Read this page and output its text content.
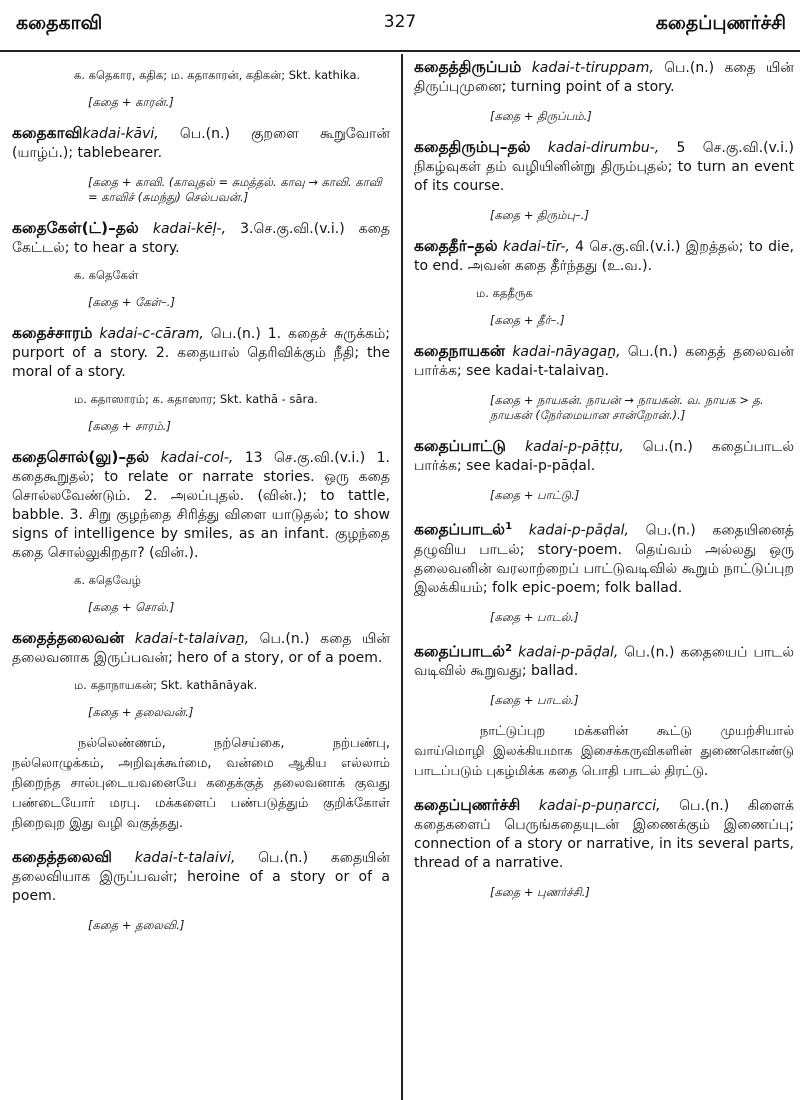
கதைகாவி	327	கதைப்புணர்ச்சி

க. கதெகார, கதிக; ம. கதாகாரன், கதிகன்; Skt. kathika.

[கதை + காரன்.]

கதைகாவிkadai-kāvi, பெ.(n.) குறளை கூறுவோன் (யாழ்ப்.); tablebearer.

[கதை + காவி. (காவுதல் = சுமத்தல். காவு → காவி. காவி = காவிச் (சுமந்து) செல்பவன்.]

கதைகேள்(ட்)–தல் kadai-kēḷ-, 3.செ.கு.வி.(v.i.) கதை கேட்டல்; to hear a story.

க. கதெகேள்

[கதை + கேள்–.]

கதைச்சாரம் kadai-c-cāram, பெ.(n.) 1. கதைச் சுருக்கம்; purport of a story. 2. கதையால் தெரிவிக்கும் நீதி; the moral of a story.

ம. கதாஸாரம்; க. கதாஸார; Skt. kathā - sāra.

[கதை + சாரம்.]

கதைசொல்(லு)–தல் kadai-col-, 13 செ.கு.வி.(v.i.) 1. கதைகூறுதல்; to relate or narrate stories. ஒரு கதை சொல்லவேண்டும். 2. அலப்புதல். (வின்.); to tattle, babble. 3. சிறு குழந்தை சிரித்து விளை யாடுதல்; to show signs of intelligence by smiles, as an infant. குழந்தை கதை சொல்லுகிறதா? (வின்.).

க. கதெவேழ்

[கதை + சொல்.]

கதைத்தலைவன் kadai-t-talaivaṉ, பெ.(n.) கதை யின் தலைவனாக இருப்பவன்; hero of a story, or of a poem.

ம. கதாநாயகன்; Skt. kathānāyak.

[கதை + தலைவன்.]

நல்லெண்ணம், நற்செய்கை, நற்பண்பு, நல்லொழுக்கம், அறிவுக்கூர்மை, வன்மை ஆகிய எல்லாம் நிறைந்த சால்புடையவனையே கதைக்குத் தலைவனாக் குவது பண்டையோர் மரபு. மக்களைப் பண்படுத்தும் குறிக்கோள் நிறைவுற இது வழி வகுத்தது.

கதைத்தலைவி kadai-t-talaivi, பெ.(n.) கதையின் தலைவியாக இருப்பவள்; heroine of a story or of a poem.

[கதை + தலைவி.]

கதைத்திருப்பம் kadai-t-tiruppam, பெ.(n.) கதை யின் திருப்புமுனை; turning point of a story.

[கதை + திருப்பம்.]

கதைதிரும்பு–தல் kadai-dirumbu-, 5 செ.கு.வி.(v.i.) நிகழ்வுகள் தம் வழியினின்று திரும்புதல்; to turn an event of its course.

[கதை + திரும்பு–.]

கதைதீர்–தல் kadai-tīr-, 4 செ.கு.வி.(v.i.) இறத்தல்; to die, to end. அவன் கதை தீர்ந்தது (உ.வ.).

ம. கததீருக

[கதை + தீர்–.]

கதைநாயகன் kadai-nāyagaṉ, பெ.(n.) கதைத் தலைவன் பார்க்க; see kadai-t-talaivaṉ.

[கதை + நாயகன். நாயன் → நாயகன். வ. நாயக > த. நாயகன் (நேர்மையான சான்றோன்.).]

கதைப்பாட்டு kadai-p-pāṭṭu, பெ.(n.) கதைப்பாடல் பார்க்க; see kadai-p-pāḍal.

[கதை + பாட்டு.]

கதைப்பாடல்$^1$ kadai-p-pāḍal, பெ.(n.) கதையினைத் தழுவிய பாடல்; story-poem. தெய்வம் அல்லது ஒரு தலைவனின் வரலாற்றைப் பாட்டுவடிவில் கூறும் நாட்டுப்புற இலக்கியம்; folk epic-poem; folk ballad.

[கதை + பாடல்.]

கதைப்பாடல்$^2$ kadai-p-pāḍal, பெ.(n.) கதையைப் பாடல் வடிவில் கூறுவது; ballad.

[கதை + பாடல்.]

நாட்டுப்புற மக்களின் கூட்டு முயற்சியால் வாய்மொழி இலக்கியமாக இசைக்கருவிகளின் துணைகொண்டு பாடப்படும் புகழ்மிக்க கதை பொதி பாடல் திரட்டு.

கதைப்புணர்ச்சி kadai-p-puṇarcci, பெ.(n.) கிளைக் கதைகளைப் பெருங்கதையுடன் இணைக்கும் இணைப்பு; connection of a story or narrative, in its several parts, thread of a narrative.

[கதை + புணர்ச்சி.]
